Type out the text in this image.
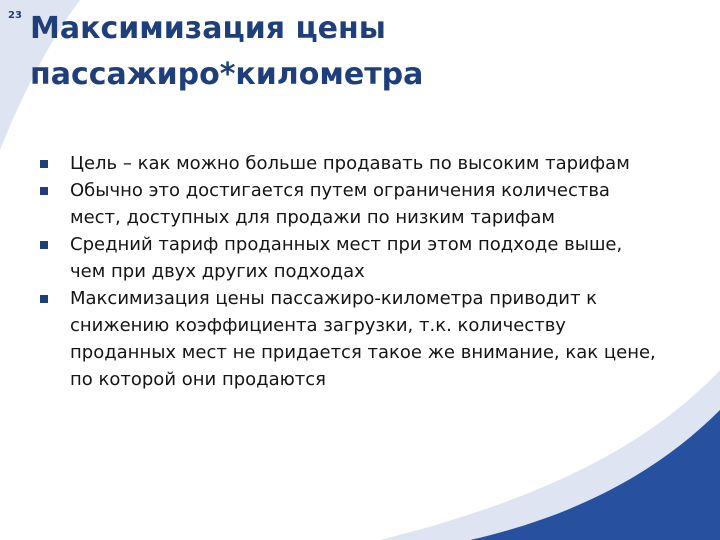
23 Максимизация цены
пассажиро*километра
Цель – как можно больше продавать по высоким тарифам
Обычно это достигается путем ограничения количества мест, доступных для продажи по низким тарифам
Средний тариф проданных мест при этом подходе выше, чем при двух других подходах
Максимизация цены пассажиро-километра приводит к снижению коэффициента загрузки, т.к. количеству проданных мест не придается такое же внимание, как цене, по которой они продаются
